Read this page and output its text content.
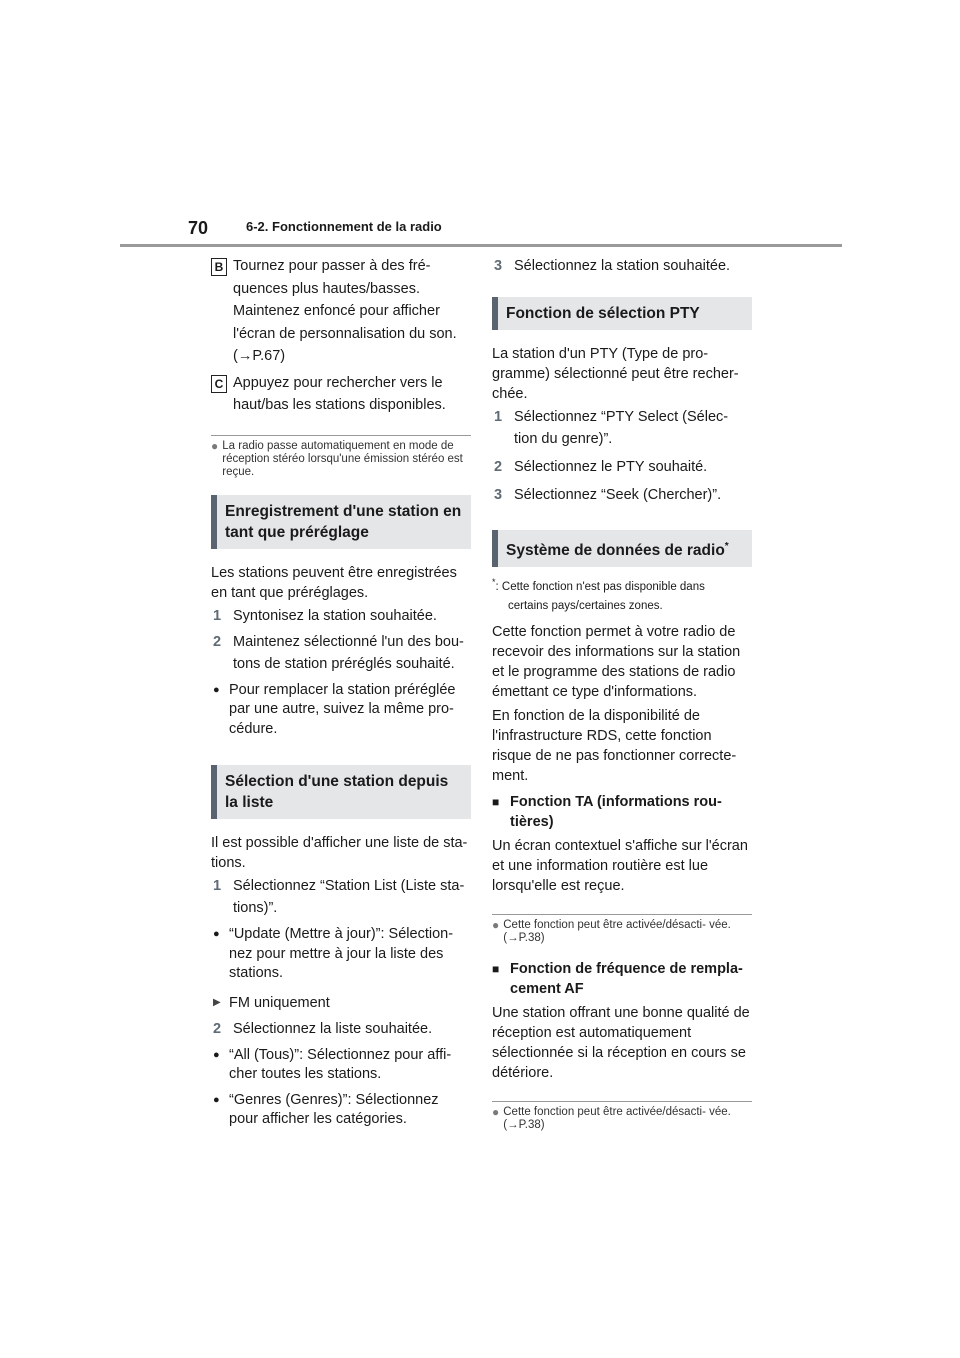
70	6-2. Fonctionnement de la radio
B Tournez pour passer à des fré-
quences plus hautes/basses.
Maintenez enfoncé pour afficher
l'écran de personnalisation du son.
(→P.67)
C Appuyez pour rechercher vers le
haut/bas les stations disponibles.
● La radio passe automatiquement en mode de réception stéréo lorsqu'une émission stéréo est reçue.
Enregistrement d'une station en tant que préréglage

Les stations peuvent être enregistrées en tant que préréglages.

1 Syntonisez la station souhaitée.
2 Maintenez sélectionné l'un des bou-
tons de station préréglés souhaité.
● Pour remplacer la station préréglée par une autre, suivez la même pro- cédure.
Sélection d'une station depuis la liste

Il est possible d'afficher une liste de sta- tions.

1 Sélectionnez “Station List (Liste sta-
tions)”.
● “Update (Mettre à jour)”: Sélection- nez pour mettre à jour la liste des stations.
▶ FM uniquement
2 Sélectionnez la liste souhaitée.
● “All (Tous)”: Sélectionnez pour affi- cher toutes les stations.
● “Genres (Genres)”: Sélectionnez pour afficher les catégories.
3 Sélectionnez la station souhaitée.
Fonction de sélection PTY

La station d'un PTY (Type de pro- gramme) sélectionné peut être recher- chée.

1 Sélectionnez “PTY Select (Sélec-
tion du genre)”.
2 Sélectionnez le PTY souhaité.
3 Sélectionnez “Seek (Chercher)”.
Système de données de radio*
*: Cette fonction n'est pas disponible dans
certains pays/certaines zones.

Cette fonction permet à votre radio de recevoir des informations sur la station et le programme des stations de radio émettant ce type d'informations.

En fonction de la disponibilité de l'infrastructure RDS, cette fonction risque de ne pas fonctionner correcte- ment.

■ Fonction TA (informations rou- tières)

Un écran contextuel s'affiche sur l'écran et une information routière est lue lorsqu'elle est reçue.

● Cette fonction peut être activée/désacti- vée. (→P.38)
■ Fonction de fréquence de rempla- cement AF

Une station offrant une bonne qualité de réception est automatiquement sélectionnée si la réception en cours se détériore.

● Cette fonction peut être activée/désacti- vée. (→P.38)
